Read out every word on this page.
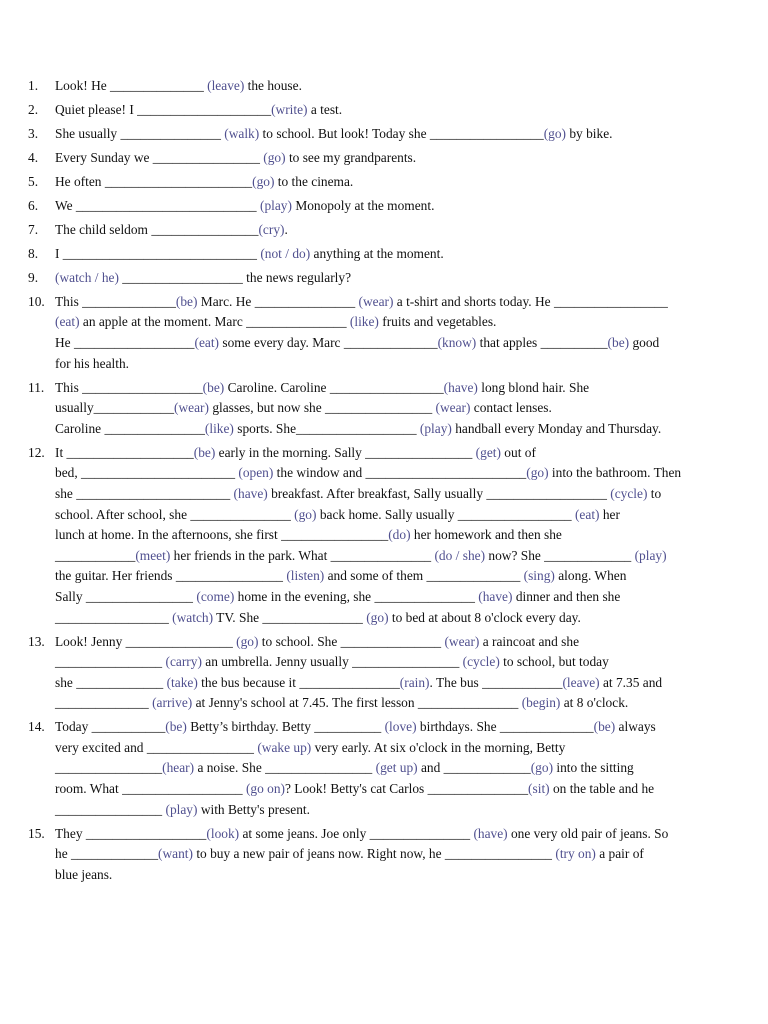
1.	Look! He ______________ (leave) the house.
2.	Quiet please! I ____________________(write) a test.
3.	She usually _______________ (walk) to school. But look! Today she _________________(go) by bike.
4.	Every Sunday we ________________ (go) to see my grandparents.
5.	He often ______________________(go) to the cinema.
6.	We ___________________________ (play) Monopoly at the moment.
7.	The child seldom ________________(cry).
8.	I _____________________________ (not / do) anything at the moment.
9.	(watch / he) __________________ the news regularly?
10. This ______________(be) Marc. He _______________ (wear) a t-shirt and shorts today. He _________________
(eat) an apple at the moment. Marc _______________ (like) fruits and vegetables.
He __________________(eat) some every day. Marc ______________(know) that apples __________(be) good
for his health.
11. This __________________(be) Caroline. Caroline _________________(have) long blond hair. She
usually____________(wear) glasses, but now she ________________ (wear) contact lenses.
Caroline _______________(like) sports. She__________________ (play) handball every Monday and Thursday.
12. It ___________________(be) early in the morning. Sally ________________ (get) out of
bed, _______________________ (open) the window and ________________________(go) into the bathroom. Then
she _______________________ (have) breakfast. After breakfast, Sally usually __________________ (cycle) to
school. After school, she _______________ (go) back home. Sally usually _________________ (eat) her
lunch at home. In the afternoons, she first ________________(do) her homework and then she
____________(meet) her friends in the park. What _______________ (do / she) now? She _____________ (play)
the guitar. Her friends ________________ (listen) and some of them ______________ (sing) along. When
Sally ________________ (come) home in the evening, she _______________ (have) dinner and then she
_________________ (watch) TV. She _______________ (go) to bed at about 8 o'clock every day.
13. Look! Jenny ________________ (go) to school. She _______________ (wear) a raincoat and she
________________ (carry) an umbrella. Jenny usually ________________ (cycle) to school, but today
she _____________ (take) the bus because it _______________(rain). The bus ____________(leave) at 7.35 and
______________ (arrive) at Jenny's school at 7.45. The first lesson _______________ (begin) at 8 o'clock.
14. Today ___________(be) Betty’s birthday. Betty __________ (love) birthdays. She ______________(be) always
very excited and ________________ (wake up) very early. At six o'clock in the morning, Betty
________________(hear) a noise. She ________________ (get up) and _____________(go) into the sitting
room. What __________________ (go on)? Look! Betty's cat Carlos _______________(sit) on the table and he
________________ (play) with Betty's present.
15. They __________________(look) at some jeans. Joe only _______________ (have) one very old pair of jeans. So
he _____________(want) to buy a new pair of jeans now. Right now, he ________________ (try on) a pair of
blue jeans.
